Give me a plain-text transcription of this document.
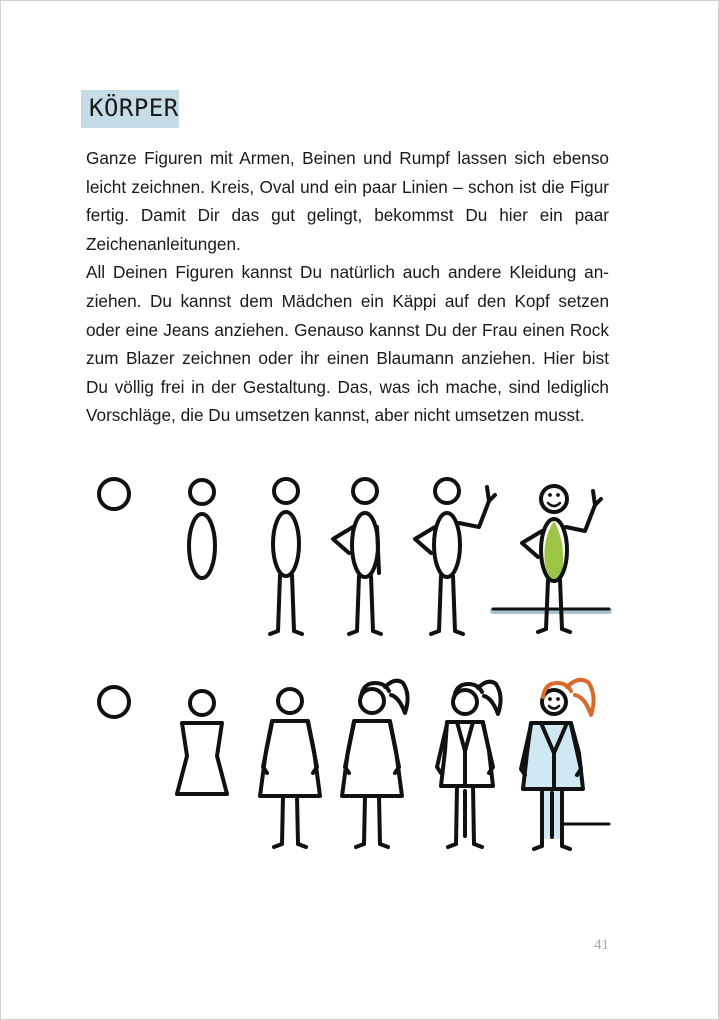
KÖRPER

Ganze Figuren mit Armen, Beinen und Rumpf lassen sich ebenso leicht zeichnen. Kreis, Oval und ein paar Linien – schon ist die Figur fertig. Damit Dir das gut gelingt, bekommst Du hier ein paar Zeichenanleitungen.

All Deinen Figuren kannst Du natürlich auch andere Kleidung anziehen. Du kannst dem Mädchen ein Käppi auf den Kopf setzen oder eine Jeans anziehen. Genauso kannst Du der Frau einen Rock zum Blazer zeichnen oder ihr einen Blaumann anziehen. Hier bist Du völlig frei in der Gestaltung. Das, was ich mache, sind lediglich Vorschläge, die Du umsetzen kannst, aber nicht umsetzen musst.

41
